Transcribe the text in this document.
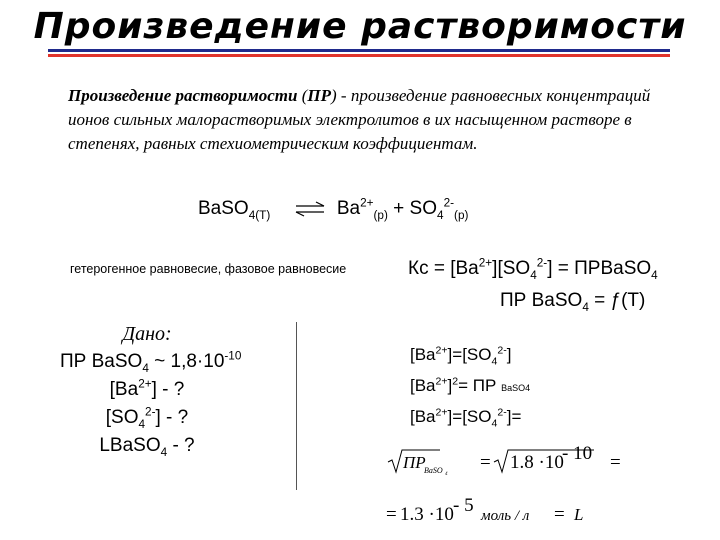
Произведение растворимости
Произведение растворимости (ПР) - произведение равновесных концентраций ионов сильных малорастворимых электролитов в их насыщенном растворе в степенях, равных стехиометрическим коэффициентам.
BaSO$_{4(Т)}$ ⇌ $Ba^{2+}_{(р)} + SO_4^{2-}_{(р)}$
гетерогенное равновесие, фазовое равновесие	Кс = $[Ba^{2+}][SO_4^{2-}]$ = ПРBaSO$_4$
ПР BaSO$_4$ = ƒ(Т)
Дано:
ПР BaSO$_4$ ~ $1,8\cdot 10^{-10}$
$[Ba^{2+}]$ - ?
$[SO_4^{2-}]$ - ?
LBaSO$_4$ - ?
$[Ba^{2+}]=[SO_4^{2-}]$
$[Ba^{2+}]^2=$ ПР BaSO4
$[Ba^{2+}]=[SO_4^{2-}]=$
ПР
BaSO 4
= 1.8 ·10
- 10 =
= 1.3 ·10 - 5 моль / л = L
